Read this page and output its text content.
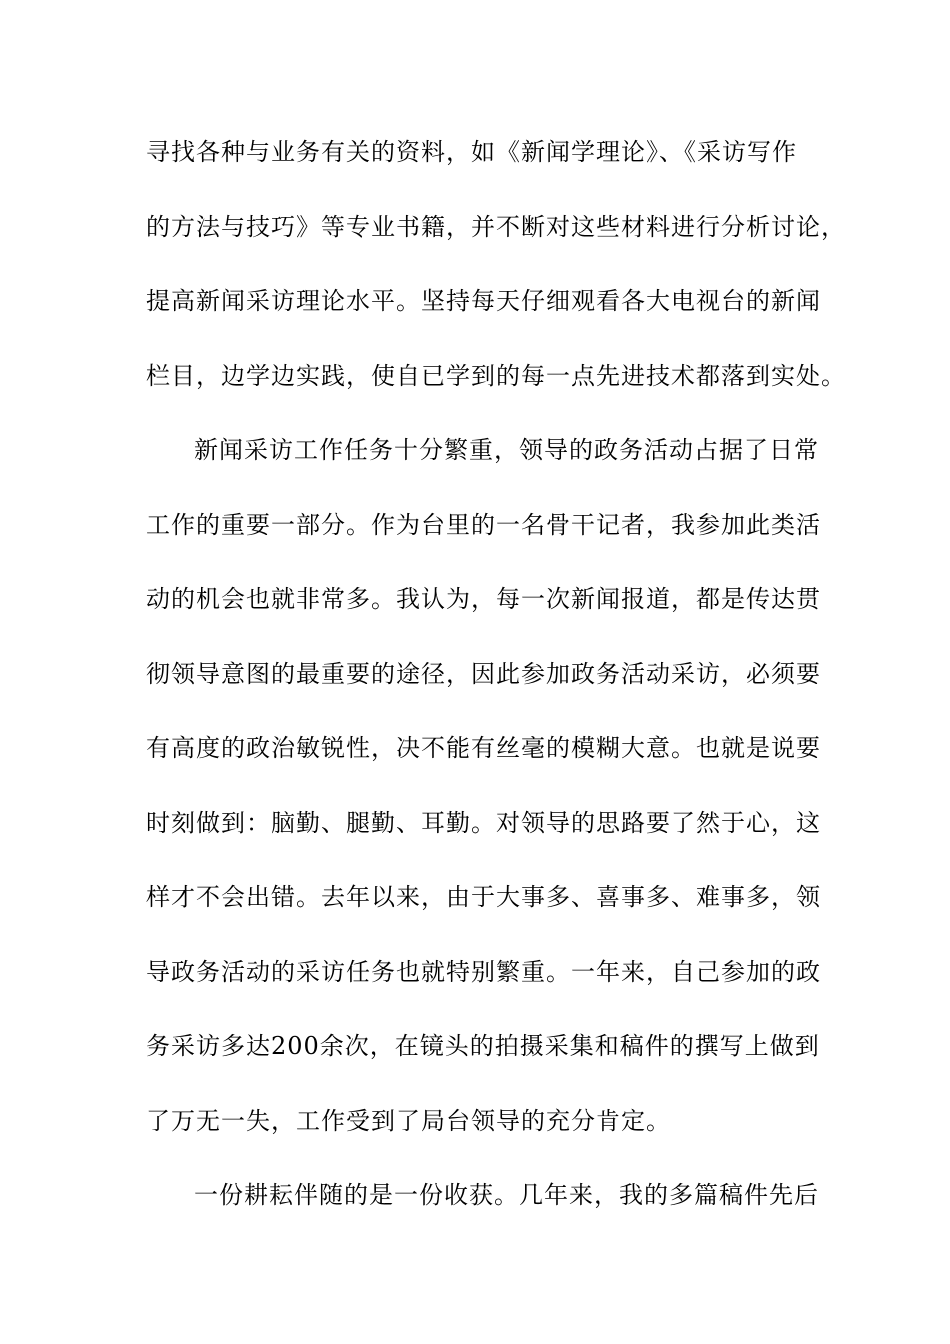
寻找各种与业务有关的资料，如《新闻学理论》、《采访写作
的方法与技巧》等专业书籍，并不断对这些材料进行分析讨论，
提高新闻采访理论水平。坚持每天仔细观看各大电视台的新闻
栏目，边学边实践，使自已学到的每一点先进技术都落到实处。
新闻采访工作任务十分繁重，领导的政务活动占据了日常
工作的重要一部分。作为台里的一名骨干记者，我参加此类活
动的机会也就非常多。我认为，每一次新闻报道，都是传达贯
彻领导意图的最重要的途径，因此参加政务活动采访，必须要
有高度的政治敏锐性，决不能有丝毫的模糊大意。也就是说要
时刻做到：脑勤、腿勤、耳勤。对领导的思路要了然于心，这
样才不会出错。去年以来，由于大事多、喜事多、难事多，领
导政务活动的采访任务也就特别繁重。一年来，自己参加的政
务采访多达200余次，在镜头的拍摄采集和稿件的撰写上做到
了万无一失，工作受到了局台领导的充分肯定。
一份耕耘伴随的是一份收获。几年来，我的多篇稿件先后
